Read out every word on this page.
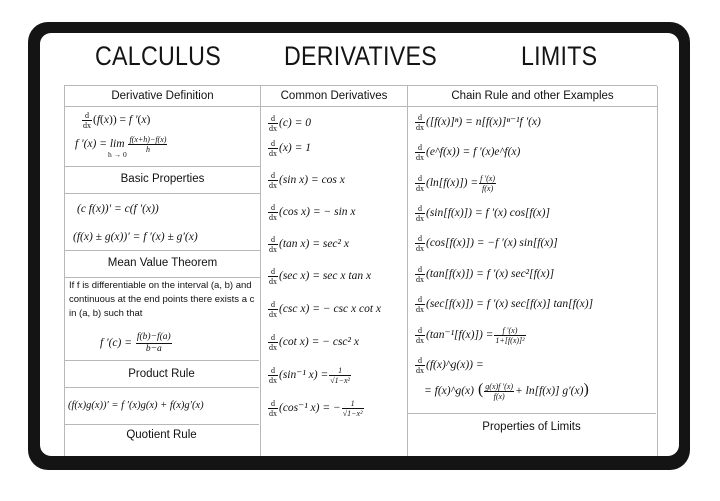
CALCULUS DERIVATIVES	LIMITS
Derivative Definition
$\frac{d}{dx} (f(x)) = f$ ′(x)
f $'(x) = \lim \frac{f(x+h)-f(x)}{h}$
h → 0
Basic Properties
(c f(x))′ = c(f ′(x))
(f(x) ± g(x))′ = f ′(x) ± g′(x)
Mean Value Theorem
Common Derivatives	Chain Rule and other Examples
If f is differentiable on the interval (a, b) and continuous at the end points there exists a c in (a, b) such that
f $'(c) = \frac{f(b)-f(a)}{b-a}$
Product Rule
(f(x)g(x))′ = f ′(x)g(x) + f(x)g′(x)
Quotient Rule
Properties of Limits
$\frac{d}{dx} (c) = 0$
$\frac{d}{dx} (x) = 1$
$\frac{d}{dx} (\sin$ x) = cos x
$\frac{d}{dx} (\cos$ x) = − sin x
$\frac{d}{dx} (\tan$ x) = sec² x
$\frac{d}{dx} (\sec$ x) = sec x tan x
$\frac{d}{dx} (\csc$ x) = − csc x cot x
$\frac{d}{dx} (\cot$ x) = − csc² x
$\frac{d}{dx} (\sin^{-1}$ $x) = \frac{1}{\text{√1−x²}}$
$\frac{d}{dx} (\cos^{-1}$ x) = − $\frac{1}{\text{√1−x²}}$
$\frac{d}{dx} ([f(x)]^n) = n[f(x)]^{n-1}f$ ′(x)
$\frac{d}{dx}$ (e^f(x)) = f ′(x)e^f(x)
$\frac{d}{dx} (\ln[f(x)]) = \frac{f '(x)}{f(x)}$
$\frac{d}{dx} (\sin[f(x)]) = f$ ′(x) cos[f(x)]
$\frac{d}{dx} (\cos[f(x)]) = -f$ ′(x) sin[f(x)]
$\frac{d}{dx} (\tan[f(x)]) = f$ ′(x) sec²[f(x)]
$\frac{d}{dx} (\sec[f(x)]) = f$ ′(x) sec[f(x)] tan[f(x)]
$\frac{d}{dx} (\tan^{-1}[f(x)]) = \frac{f '(x)}{\text{1+[f(x)]²}}$
$\frac{d}{dx}$ (f(x)^g(x)) =
= f(x)^g(x) ( $\frac{g(x)f '(x)}{f(x)} + \ln[f(x)]$ g′(x))
